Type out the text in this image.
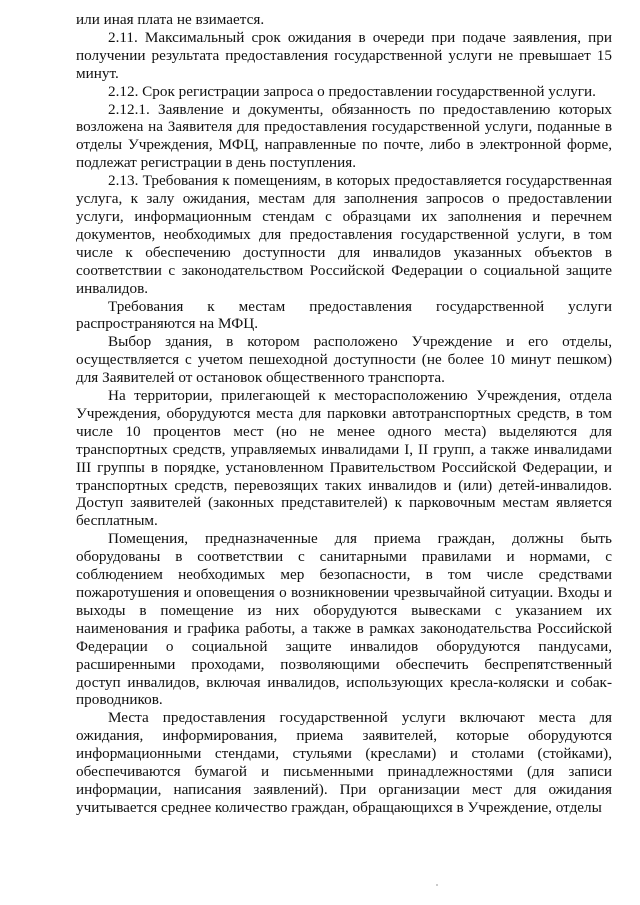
или иная плата не взимается.

2.11. Максимальный срок ожидания в очереди при подаче заявления, при получении результата предоставления государственной услуги не превышает 15 минут.

2.12. Срок регистрации запроса о предоставлении государственной услуги.

2.12.1. Заявление и документы, обязанность по предоставлению которых возложена на Заявителя для предоставления государственной услуги, поданные в отделы Учреждения, МФЦ, направленные по почте, либо в электронной форме, подлежат регистрации в день поступления.

2.13. Требования к помещениям, в которых предоставляется государственная услуга, к залу ожидания, местам для заполнения запросов о предоставлении услуги, информационным стендам с образцами их заполнения и перечнем документов, необходимых для предоставления государственной услуги, в том числе к обеспечению доступности для инвалидов указанных объектов в соответствии с законодательством Российской Федерации о социальной защите инвалидов.

Требования к местам предоставления государственной услуги распространяются на МФЦ.

Выбор здания, в котором расположено Учреждение и его отделы, осуществляется с учетом пешеходной доступности (не более 10 минут пешком) для Заявителей от остановок общественного транспорта.

На территории, прилегающей к месторасположению Учреждения, отдела Учреждения, оборудуются места для парковки автотранспортных средств, в том числе 10 процентов мест (но не менее одного места) выделяются для транспортных средств, управляемых инвалидами I, II групп, а также инвалидами III группы в порядке, установленном Правительством Российской Федерации, и транспортных средств, перевозящих таких инвалидов и (или) детей-инвалидов. Доступ заявителей (законных представителей) к парковочным местам является бесплатным.

Помещения, предназначенные для приема граждан, должны быть оборудованы в соответствии с санитарными правилами и нормами, с соблюдением необходимых мер безопасности, в том числе средствами пожаротушения и оповещения о возникновении чрезвычайной ситуации. Входы и выходы в помещение из них оборудуются вывесками с указанием их наименования и графика работы, а также в рамках законодательства Российской Федерации о социальной защите инвалидов оборудуются пандусами, расширенными проходами, позволяющими обеспечить беспрепятственный доступ инвалидов, включая инвалидов, использующих кресла-коляски и собак-проводников.

Места предоставления государственной услуги включают места для ожидания, информирования, приема заявителей, которые оборудуются информационными стендами, стульями (креслами) и столами (стойками), обеспечиваются бумагой и письменными принадлежностями (для записи информации, написания заявлений). При организации мест для ожидания учитывается среднее количество граждан, обращающихся в Учреждение, отделы
